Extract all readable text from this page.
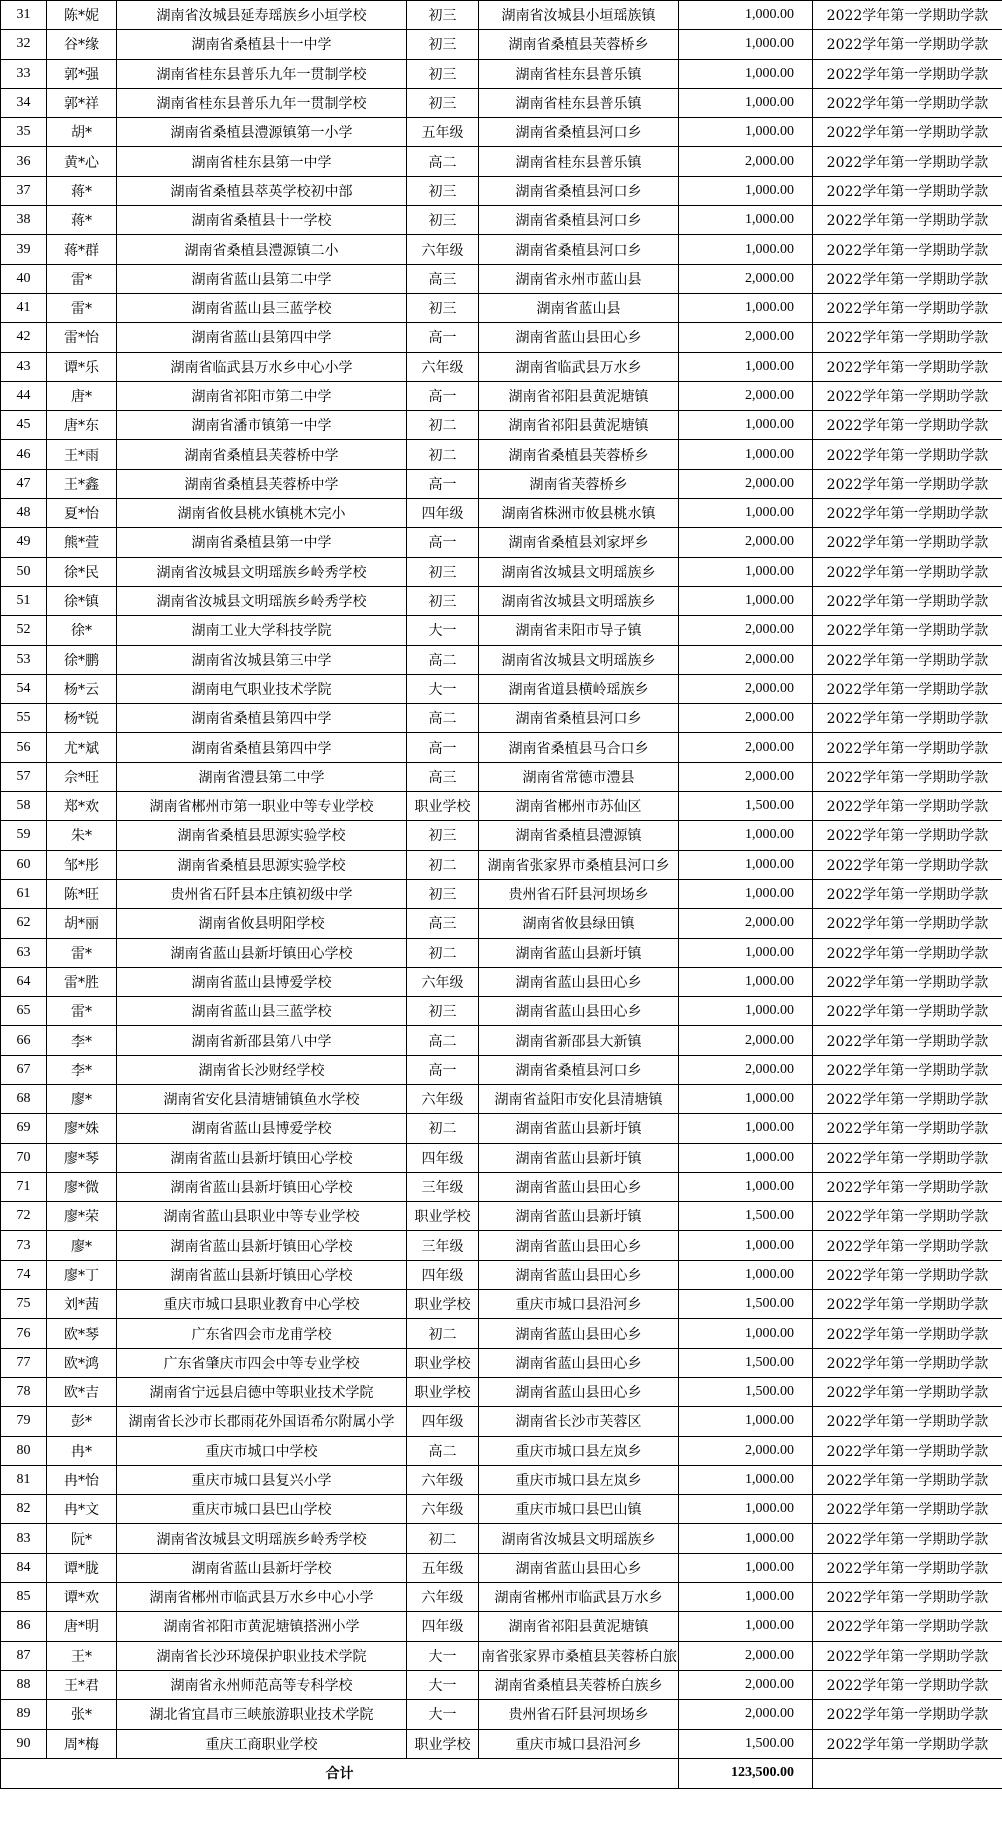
31	陈*妮	湖南省汝城县延寿瑶族乡小垣学校	初三	湖南省汝城县小垣瑶族镇	1,000.00	2022学年第一学期助学款
32	谷*缘	湖南省桑植县十一中学	初三	湖南省桑植县芙蓉桥乡	1,000.00	2022学年第一学期助学款
33	郭*强	湖南省桂东县普乐九年一贯制学校	初三	湖南省桂东县普乐镇	1,000.00	2022学年第一学期助学款
34	郭*祥	湖南省桂东县普乐九年一贯制学校	初三	湖南省桂东县普乐镇	1,000.00	2022学年第一学期助学款
35	胡*	湖南省桑植县澧源镇第一小学	五年级	湖南省桑植县河口乡	1,000.00	2022学年第一学期助学款
36	黄*心	湖南省桂东县第一中学	高二	湖南省桂东县普乐镇	2,000.00	2022学年第一学期助学款
37	蒋*	湖南省桑植县萃英学校初中部	初三	湖南省桑植县河口乡	1,000.00	2022学年第一学期助学款
38	蒋*	湖南省桑植县十一学校	初三	湖南省桑植县河口乡	1,000.00	2022学年第一学期助学款
39	蒋*群	湖南省桑植县澧源镇二小	六年级	湖南省桑植县河口乡	1,000.00	2022学年第一学期助学款
40	雷*	湖南省蓝山县第二中学	高三	湖南省永州市蓝山县	2,000.00	2022学年第一学期助学款
41	雷*	湖南省蓝山县三蓝学校	初三	湖南省蓝山县	1,000.00	2022学年第一学期助学款
42	雷*怡	湖南省蓝山县第四中学	高一	湖南省蓝山县田心乡	2,000.00	2022学年第一学期助学款
43	谭*乐	湖南省临武县万水乡中心小学	六年级	湖南省临武县万水乡	1,000.00	2022学年第一学期助学款
44	唐*	湖南省祁阳市第二中学	高一	湖南省祁阳县黄泥塘镇	2,000.00	2022学年第一学期助学款
45	唐*东	湖南省潘市镇第一中学	初二	湖南省祁阳县黄泥塘镇	1,000.00	2022学年第一学期助学款
46	王*雨	湖南省桑植县芙蓉桥中学	初二	湖南省桑植县芙蓉桥乡	1,000.00	2022学年第一学期助学款
47	王*鑫	湖南省桑植县芙蓉桥中学	高一	湖南省芙蓉桥乡	2,000.00	2022学年第一学期助学款
48	夏*怡	湖南省攸县桃水镇桃木完小	四年级	湖南省株洲市攸县桃水镇	1,000.00	2022学年第一学期助学款
49	熊*萱	湖南省桑植县第一中学	高一	湖南省桑植县刘家坪乡	2,000.00	2022学年第一学期助学款
50	徐*民	湖南省汝城县文明瑶族乡岭秀学校	初三	湖南省汝城县文明瑶族乡	1,000.00	2022学年第一学期助学款
51	徐*镇	湖南省汝城县文明瑶族乡岭秀学校	初三	湖南省汝城县文明瑶族乡	1,000.00	2022学年第一学期助学款
52	徐*	湖南工业大学科技学院	大一	湖南省耒阳市导子镇	2,000.00	2022学年第一学期助学款
53	徐*鹏	湖南省汝城县第三中学	高二	湖南省汝城县文明瑶族乡	2,000.00	2022学年第一学期助学款
54	杨*云	湖南电气职业技术学院	大一	湖南省道县横岭瑶族乡	2,000.00	2022学年第一学期助学款
55	杨*锐	湖南省桑植县第四中学	高二	湖南省桑植县河口乡	2,000.00	2022学年第一学期助学款
56	尤*斌	湖南省桑植县第四中学	高一	湖南省桑植县马合口乡	2,000.00	2022学年第一学期助学款
57	佘*旺	湖南省澧县第二中学	高三	湖南省常德市澧县	2,000.00	2022学年第一学期助学款
58	郑*欢	湖南省郴州市第一职业中等专业学校	职业学校	湖南省郴州市苏仙区	1,500.00	2022学年第一学期助学款
59	朱*	湖南省桑植县思源实验学校	初三	湖南省桑植县澧源镇	1,000.00	2022学年第一学期助学款
60	邹*彤	湖南省桑植县思源实验学校	初二	湖南省张家界市桑植县河口乡	1,000.00	2022学年第一学期助学款
61	陈*旺	贵州省石阡县本庄镇初级中学	初三	贵州省石阡县河坝场乡	1,000.00	2022学年第一学期助学款
62	胡*丽	湖南省攸县明阳学校	高三	湖南省攸县绿田镇	2,000.00	2022学年第一学期助学款
63	雷*	湖南省蓝山县新圩镇田心学校	初二	湖南省蓝山县新圩镇	1,000.00	2022学年第一学期助学款
64	雷*胜	湖南省蓝山县博爱学校	六年级	湖南省蓝山县田心乡	1,000.00	2022学年第一学期助学款
65	雷*	湖南省蓝山县三蓝学校	初三	湖南省蓝山县田心乡	1,000.00	2022学年第一学期助学款
66	李*	湖南省新邵县第八中学	高二	湖南省新邵县大新镇	2,000.00	2022学年第一学期助学款
67	李*	湖南省长沙财经学校	高一	湖南省桑植县河口乡	2,000.00	2022学年第一学期助学款
68	廖*	湖南省安化县清塘铺镇鱼水学校	六年级	湖南省益阳市安化县清塘镇	1,000.00	2022学年第一学期助学款
69	廖*姝	湖南省蓝山县博爱学校	初二	湖南省蓝山县新圩镇	1,000.00	2022学年第一学期助学款
70	廖*琴	湖南省蓝山县新圩镇田心学校	四年级	湖南省蓝山县新圩镇	1,000.00	2022学年第一学期助学款
71	廖*微	湖南省蓝山县新圩镇田心学校	三年级	湖南省蓝山县田心乡	1,000.00	2022学年第一学期助学款
72	廖*荣	湖南省蓝山县职业中等专业学校	职业学校	湖南省蓝山县新圩镇	1,500.00	2022学年第一学期助学款
73	廖*	湖南省蓝山县新圩镇田心学校	三年级	湖南省蓝山县田心乡	1,000.00	2022学年第一学期助学款
74	廖*丁	湖南省蓝山县新圩镇田心学校	四年级	湖南省蓝山县田心乡	1,000.00	2022学年第一学期助学款
75	刘*茜	重庆市城口县职业教育中心学校	职业学校	重庆市城口县沿河乡	1,500.00	2022学年第一学期助学款
76	欧*琴	广东省四会市龙甫学校	初二	湖南省蓝山县田心乡	1,000.00	2022学年第一学期助学款
77	欧*鸿	广东省肇庆市四会中等专业学校	职业学校	湖南省蓝山县田心乡	1,500.00	2022学年第一学期助学款
78	欧*吉	湖南省宁远县启德中等职业技术学院	职业学校	湖南省蓝山县田心乡	1,500.00	2022学年第一学期助学款
79	彭*	湖南省长沙市长郡雨花外国语希尔附属小学	四年级	湖南省长沙市芙蓉区	1,000.00	2022学年第一学期助学款
80	冉*	重庆市城口中学校	高二	重庆市城口县左岚乡	2,000.00	2022学年第一学期助学款
81	冉*怡	重庆市城口县复兴小学	六年级	重庆市城口县左岚乡	1,000.00	2022学年第一学期助学款
82	冉*文	重庆市城口县巴山学校	六年级	重庆市城口县巴山镇	1,000.00	2022学年第一学期助学款
83	阮*	湖南省汝城县文明瑶族乡岭秀学校	初二	湖南省汝城县文明瑶族乡	1,000.00	2022学年第一学期助学款
84	谭*胧	湖南省蓝山县新圩学校	五年级	湖南省蓝山县田心乡	1,000.00	2022学年第一学期助学款
85	谭*欢	湖南省郴州市临武县万水乡中心小学	六年级	湖南省郴州市临武县万水乡	1,000.00	2022学年第一学期助学款
86	唐*明	湖南省祁阳市黄泥塘镇搭洲小学	四年级	湖南省祁阳县黄泥塘镇	1,000.00	2022学年第一学期助学款
87	王*	湖南省长沙环境保护职业技术学院	大一	南省张家界市桑植县芙蓉桥白旅	2,000.00	2022学年第一学期助学款
88	王*君	湖南省永州师范高等专科学校	大一	湖南省桑植县芙蓉桥白族乡	2,000.00	2022学年第一学期助学款
89	张*	湖北省宜昌市三峡旅游职业技术学院	大一	贵州省石阡县河坝场乡	2,000.00	2022学年第一学期助学款
90	周*梅	重庆工商职业学校	职业学校	重庆市城口县沿河乡	1,500.00	2022学年第一学期助学款
合计					123,500.00	
